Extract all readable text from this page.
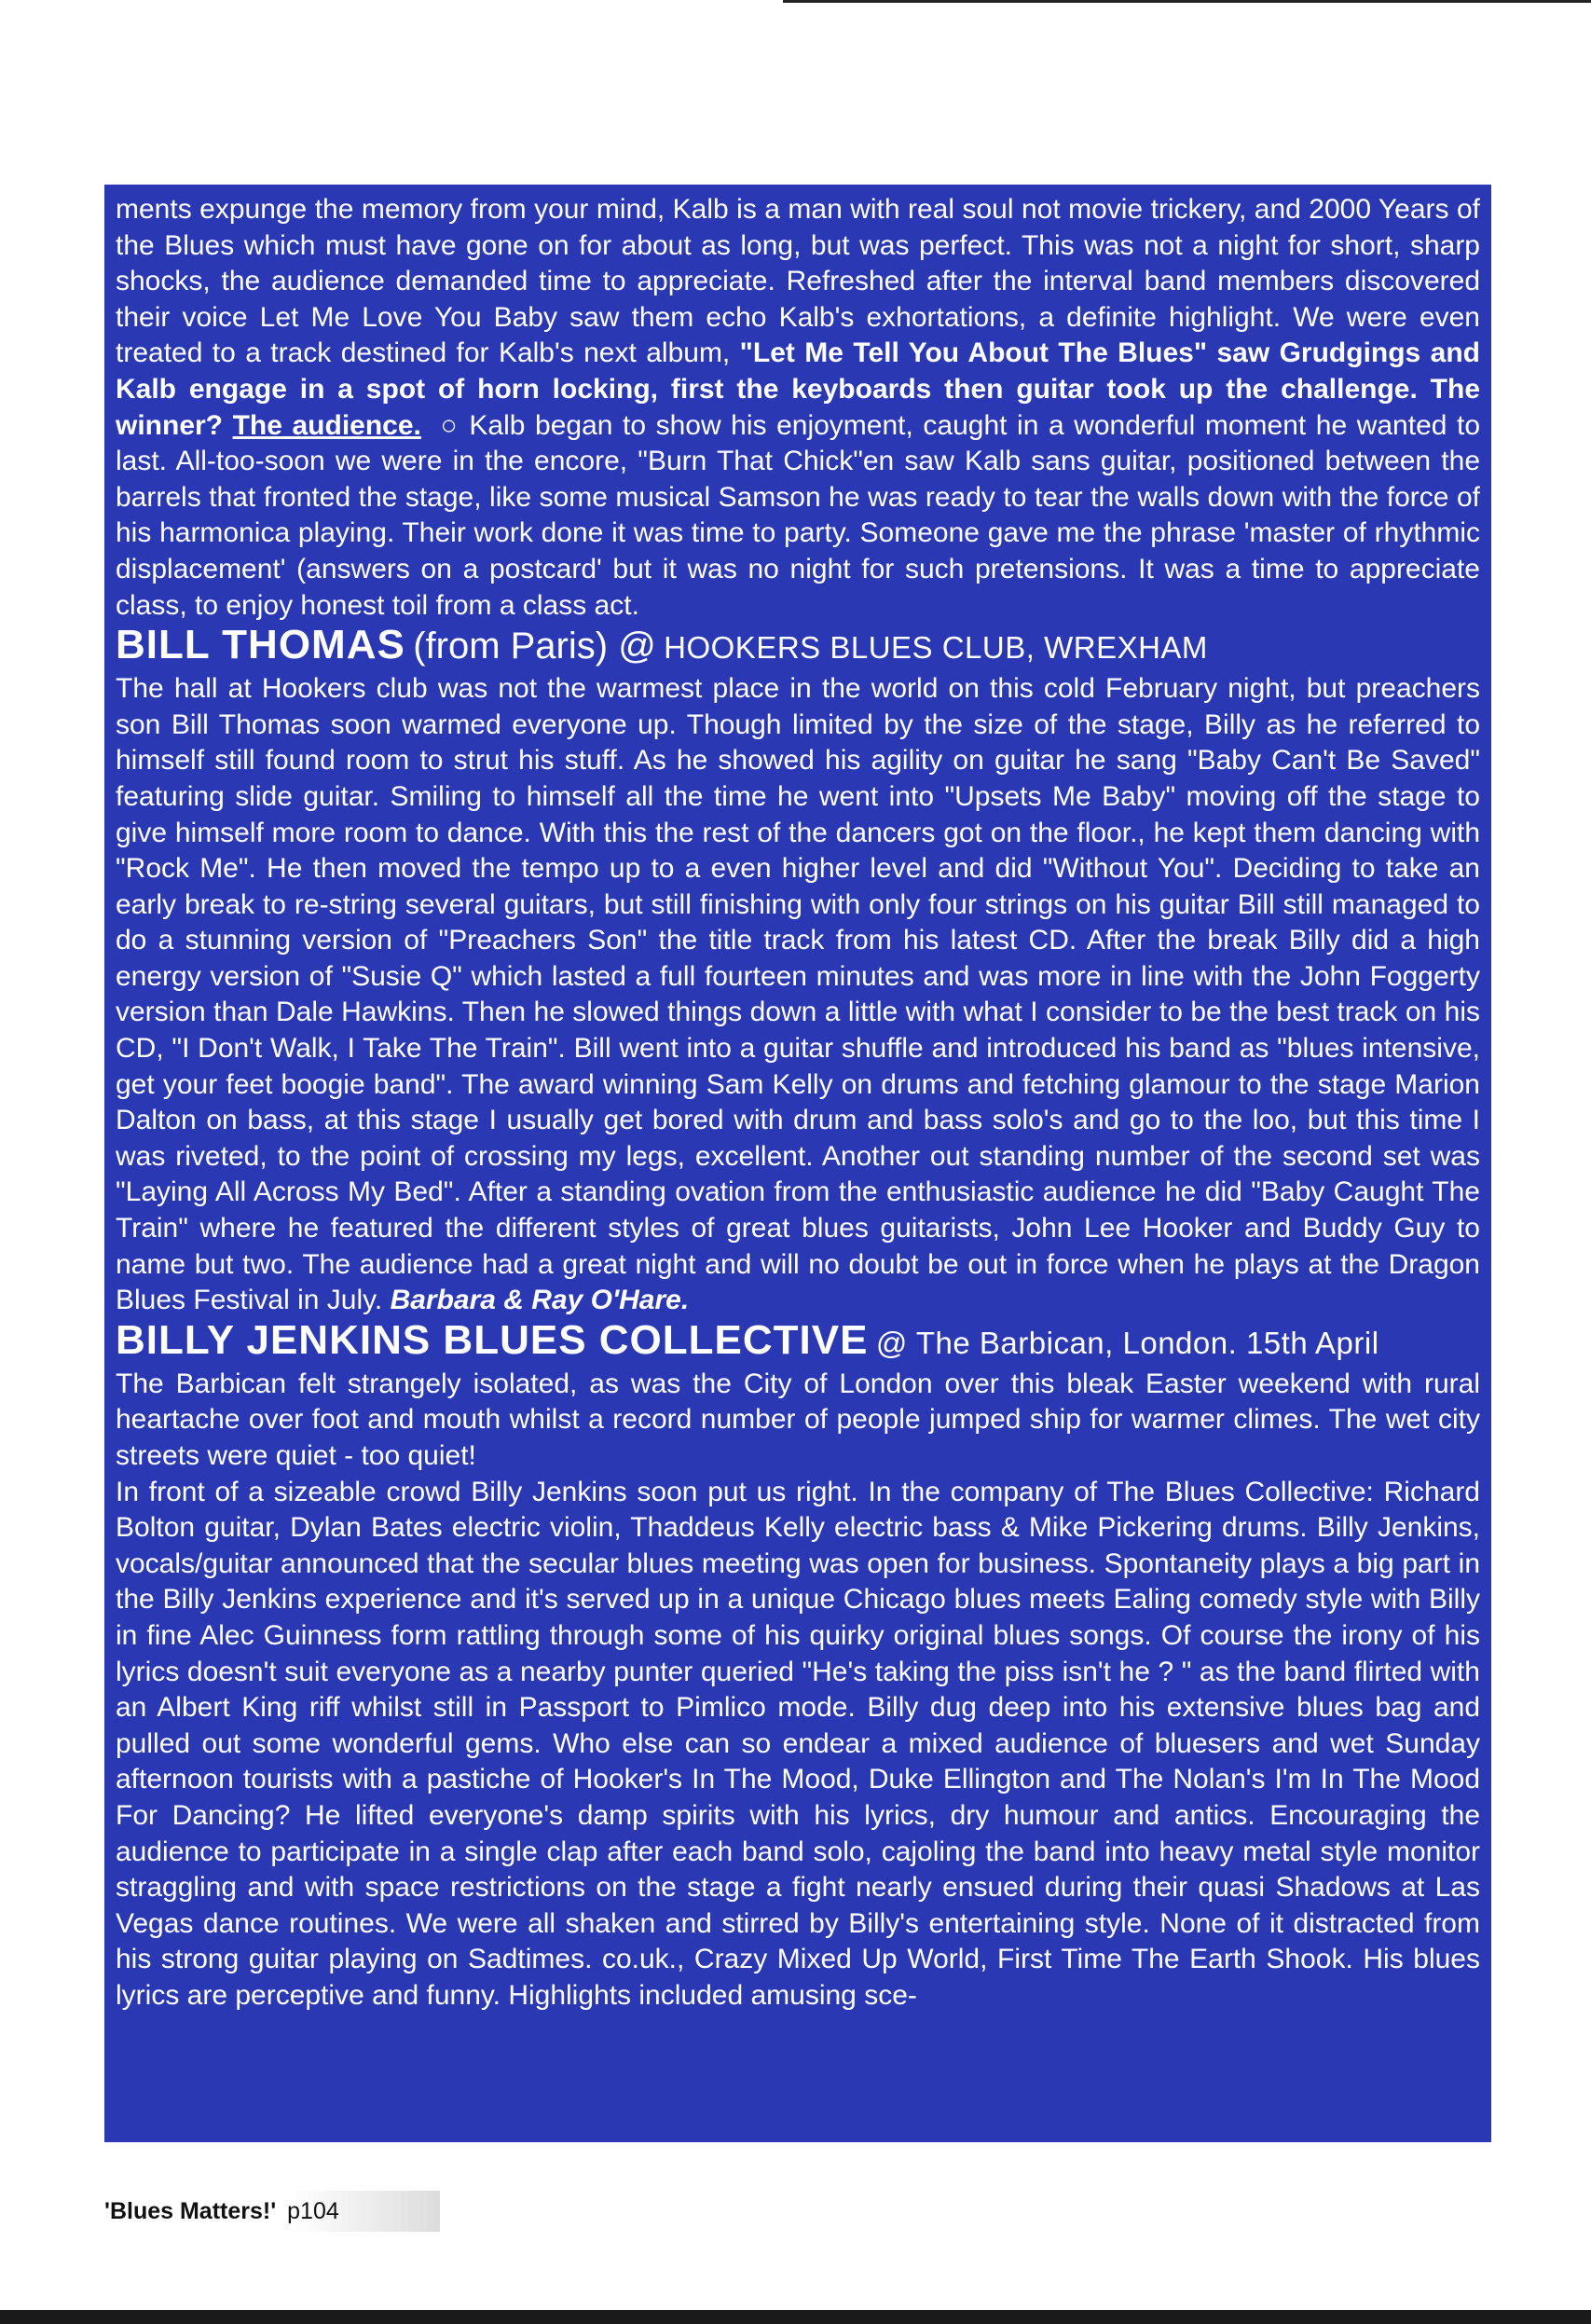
ments expunge the memory from your mind, Kalb is a man with real soul not movie trickery, and 2000 Years of the Blues which must have gone on for about as long, but was perfect. This was not a night for short, sharp shocks, the audience demanded time to appreciate. Refreshed after the interval band members discovered their voice Let Me Love You Baby saw them echo Kalb's exhortations, a definite highlight. We were even treated to a track destined for Kalb's next album, "Let Me Tell You About The Blues" saw Grudgings and Kalb engage in a spot of horn locking, first the keyboards then guitar took up the challenge. The winner? The audience. ○ Kalb began to show his enjoyment, caught in a wonderful moment he wanted to last. All-too-soon we were in the encore, "Burn That Chick"en saw Kalb sans guitar, positioned between the barrels that fronted the stage, like some musical Samson he was ready to tear the walls down with the force of his harmonica playing. Their work done it was time to party. Someone gave me the phrase 'master of rhythmic displacement' (answers on a postcard' but it was no night for such pretensions. It was a time to appreciate class, to enjoy honest toil from a class act.

BILL THOMAS (from Paris) @ HOOKERS BLUES CLUB, WREXHAM

The hall at Hookers club was not the warmest place in the world on this cold February night, but preachers son Bill Thomas soon warmed everyone up. Though limited by the size of the stage, Billy as he referred to himself still found room to strut his stuff. As he showed his agility on guitar he sang "Baby Can't Be Saved" featuring slide guitar. Smiling to himself all the time he went into "Upsets Me Baby" moving off the stage to give himself more room to dance. With this the rest of the dancers got on the floor., he kept them dancing with "Rock Me". He then moved the tempo up to a even higher level and did "Without You". Deciding to take an early break to re-string several guitars, but still finishing with only four strings on his guitar Bill still managed to do a stunning version of "Preachers Son" the title track from his latest CD. After the break Billy did a high energy version of "Susie Q" which lasted a full fourteen minutes and was more in line with the John Foggerty version than Dale Hawkins. Then he slowed things down a little with what I consider to be the best track on his CD, "I Don't Walk, I Take The Train". Bill went into a guitar shuffle and introduced his band as "blues intensive, get your feet boogie band". The award winning Sam Kelly on drums and fetching glamour to the stage Marion Dalton on bass, at this stage I usually get bored with drum and bass solo's and go to the loo, but this time I was riveted, to the point of crossing my legs, excellent. Another out standing number of the second set was "Laying All Across My Bed". After a standing ovation from the enthusiastic audience he did "Baby Caught The Train" where he featured the different styles of great blues guitarists, John Lee Hooker and Buddy Guy to name but two. The audience had a great night and will no doubt be out in force when he plays at the Dragon Blues Festival in July. Barbara & Ray O'Hare.

BILLY JENKINS BLUES COLLECTIVE @ The Barbican, London. 15th April

The Barbican felt strangely isolated, as was the City of London over this bleak Easter weekend with rural heartache over foot and mouth whilst a record number of people jumped ship for warmer climes. The wet city streets were quiet - too quiet!

In front of a sizeable crowd Billy Jenkins soon put us right. In the company of The Blues Collective: Richard Bolton guitar, Dylan Bates electric violin, Thaddeus Kelly electric bass & Mike Pickering drums. Billy Jenkins, vocals/guitar announced that the secular blues meeting was open for business. Spontaneity plays a big part in the Billy Jenkins experience and it's served up in a unique Chicago blues meets Ealing comedy style with Billy in fine Alec Guinness form rattling through some of his quirky original blues songs. Of course the irony of his lyrics doesn't suit everyone as a nearby punter queried "He's taking the piss isn't he ? " as the band flirted with an Albert King riff whilst still in Passport to Pimlico mode. Billy dug deep into his extensive blues bag and pulled out some wonderful gems. Who else can so endear a mixed audience of bluesers and wet Sunday afternoon tourists with a pastiche of Hooker's In The Mood, Duke Ellington and The Nolan's I'm In The Mood For Dancing? He lifted everyone's damp spirits with his lyrics, dry humour and antics. Encouraging the audience to participate in a single clap after each band solo, cajoling the band into heavy metal style monitor straggling and with space restrictions on the stage a fight nearly ensued during their quasi Shadows at Las Vegas dance routines. We were all shaken and stirred by Billy's entertaining style. None of it distracted from his strong guitar playing on Sadtimes. co.uk., Crazy Mixed Up World, First Time The Earth Shook. His blues lyrics are perceptive and funny. Highlights included amusing sce-

'Blues Matters!' p104
